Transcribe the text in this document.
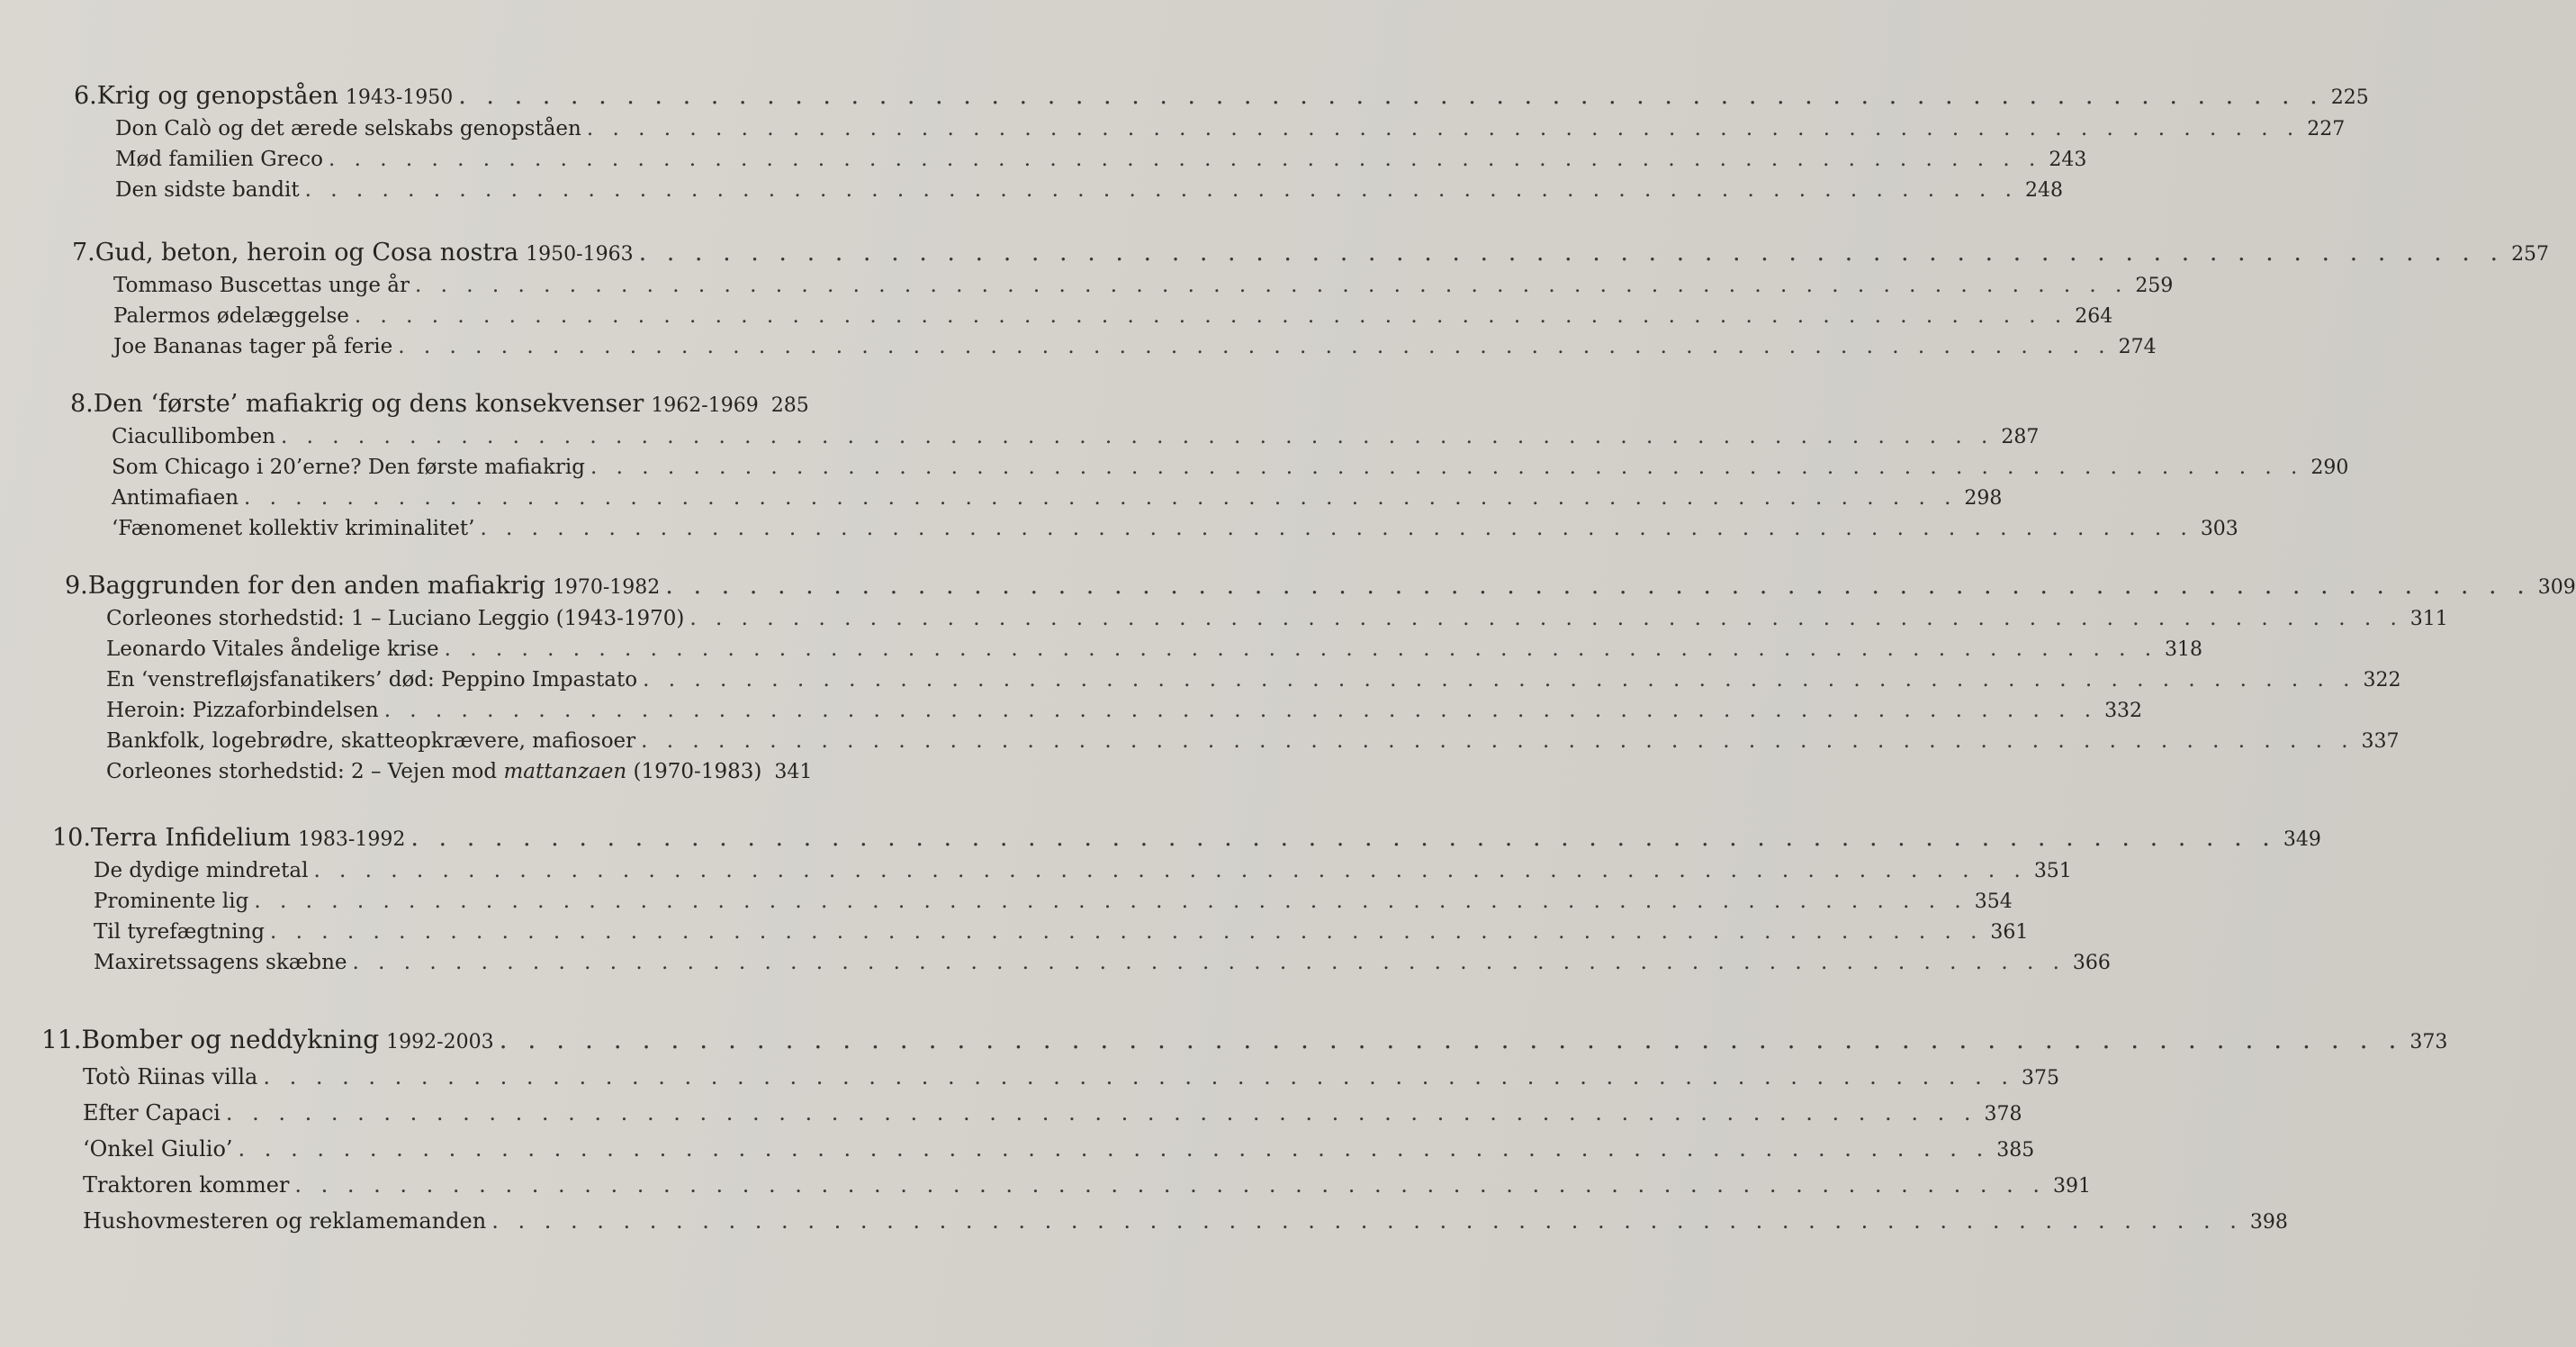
6. Krig og genopståen 1943-1950 . . .	225
Don Calò og det ærede selskabs genopståen . . .	227
Mød familien Greco . . .	243
Den sidste bandit . . .	248
7. Gud, beton, heroin og Cosa nostra 1950-1963 . . .	257
Tommaso Buscettas unge år . . .	259
Palermos ødelæggelse . . .	264
Joe Bananas tager på ferie . . .	274
8. Den ‘første’ mafiakrig og dens konsekvenser 1962-1969 285
Ciacullibomben . . .	287
Som Chicago i 20’erne? Den første mafiakrig . . .	290
Antimafiaen . . .	298
‘Fænomenet kollektiv kriminalitet’ . . .	303
9. Baggrunden for den anden mafiakrig 1970-1982 . . .	309
Corleones storhedstid: 1 – Luciano Leggio (1943-1970) . . .	311
Leonardo Vitales åndelige krise . . .	318
En ‘venstrefløjsfanatikers’ død: Peppino Impastato . . .	322
Heroin: Pizzaforbindelsen . . .	332
Bankfolk, logebrødre, skatteopkrævere, mafiosoer . . .	337
Corleones storhedstid: 2 – Vejen mod mattanzaen (1970-1983) 341
10. Terra Infidelium 1983-1992 . . .	349
De dydige mindretal . . .	351
Prominente lig . . .	354
Til tyrefægtning . . .	361
Maxiretssagens skæbne . . .	366
11. Bomber og neddykning 1992-2003 . . .	373
Totò Riinas villa . . .	375
Efter Capaci . . .	378
‘Onkel Giulio’ . . .	385
Traktoren kommer . . .	391
Hushovmesteren og reklamemanden . . .	398
